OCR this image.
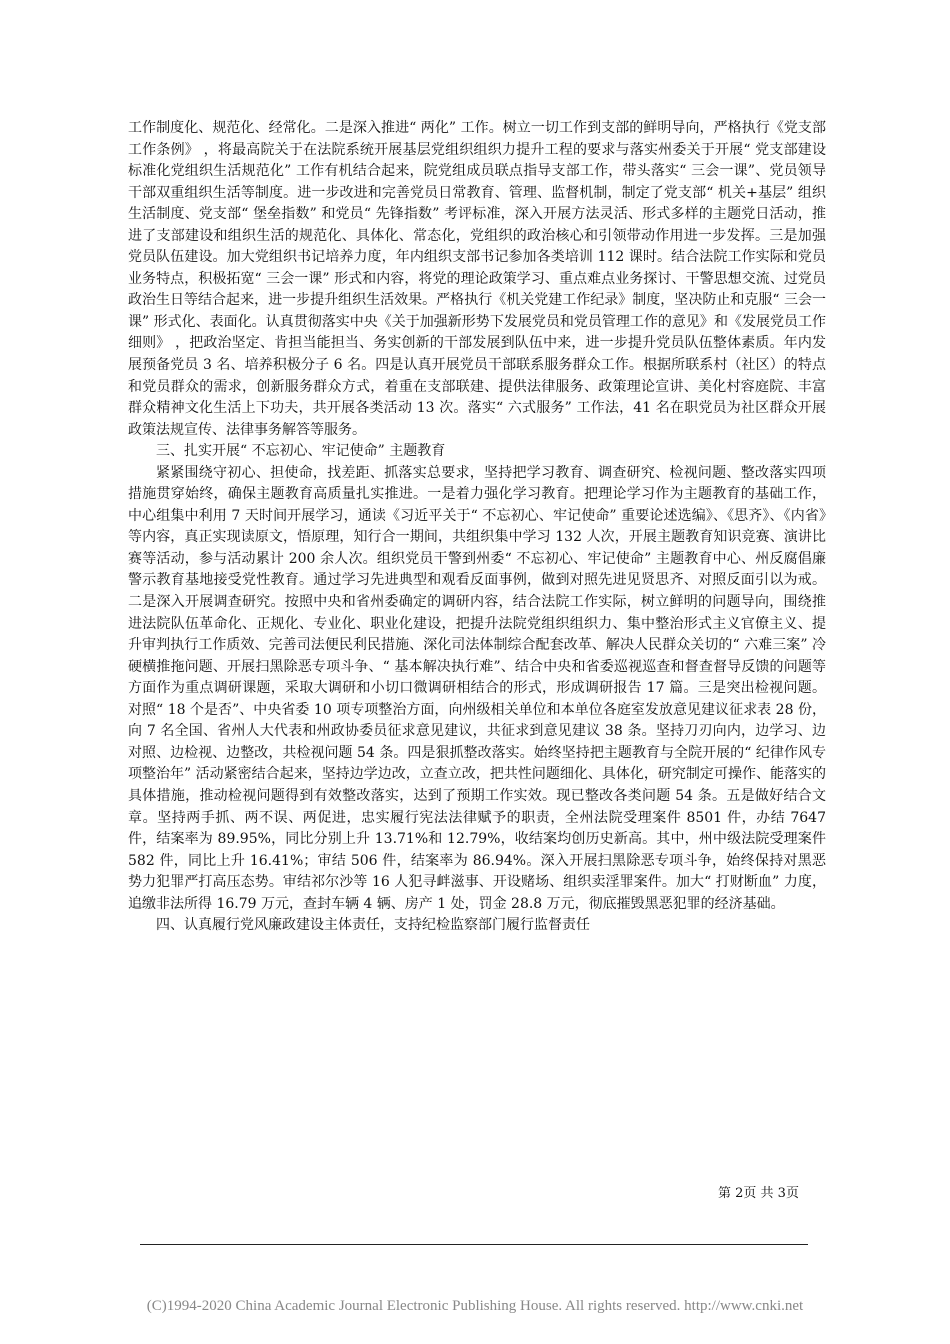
工作制度化、规范化、经常化。二是深入推进“ 两化” 工作。树立一切工作到支部的鲜明导向，严格执行《党支部工作条例》 ，将最高院关于在法院系统开展基层党组织组织力提升工程的要求与落实州委关于开展“ 党支部建设标准化党组织生活规范化” 工作有机结合起来，院党组成员联点指导支部工作，带头落实“ 三会一课”、党员领导干部双重组织生活等制度。进一步改进和完善党员日常教育、管理、监督机制，制定了党支部“ 机关+基层” 组织生活制度、党支部“ 堡垒指数” 和党员“ 先锋指数” 考评标准，深入开展方法灵活、形式多样的主题党日活动，推进了支部建设和组织生活的规范化、具体化、常态化，党组织的政治核心和引领带动作用进一步发挥。三是加强党员队伍建设。加大党组织书记培养力度，年内组织支部书记参加各类培训 112 课时。结合法院工作实际和党员业务特点，积极拓宽“ 三会一课” 形式和内容，将党的理论政策学习、重点难点业务探讨、干警思想交流、过党员政治生日等结合起来，进一步提升组织生活效果。严格执行《机关党建工作纪录》制度，坚决防止和克服“ 三会一课” 形式化、表面化。认真贯彻落实中央《关于加强新形势下发展党员和党员管理工作的意见》和《发展党员工作细则》 ，把政治坚定、肯担当能担当、务实创新的干部发展到队伍中来，进一步提升党员队伍整体素质。年内发展预备党员 3 名、培养积极分子 6 名。四是认真开展党员干部联系服务群众工作。根据所联系村（社区）的特点和党员群众的需求，创新服务群众方式，着重在支部联建、提供法律服务、政策理论宣讲、美化村容庭院、丰富群众精神文化生活上下功夫，共开展各类活动 13 次。落实“ 六式服务” 工作法，41 名在职党员为社区群众开展政策法规宣传、法律事务解答等服务。

三、扎实开展“ 不忘初心、牢记使命” 主题教育

紧紧围绕守初心、担使命，找差距、抓落实总要求，坚持把学习教育、调查研究、检视问题、整改落实四项措施贯穿始终，确保主题教育高质量扎实推进。一是着力强化学习教育。把理论学习作为主题教育的基础工作，中心组集中利用 7 天时间开展学习，通读《习近平关于“ 不忘初心、牢记使命” 重要论述选编》、《思齐》、《内省》等内容，真正实现读原文，悟原理，知行合一期间，共组织集中学习 132 人次，开展主题教育知识竞赛、演讲比赛等活动，参与活动累计 200 余人次。组织党员干警到州委“ 不忘初心、牢记使命” 主题教育中心、州反腐倡廉警示教育基地接受党性教育。通过学习先进典型和观看反面事例，做到对照先进见贤思齐、对照反面引以为戒。二是深入开展调查研究。按照中央和省州委确定的调研内容，结合法院工作实际，树立鲜明的问题导向，围绕推进法院队伍革命化、正规化、专业化、职业化建设，把提升法院党组织组织力、集中整治形式主义官僚主义、提升审判执行工作质效、完善司法便民利民措施、深化司法体制综合配套改革、解决人民群众关切的“ 六难三案” 冷硬横推拖问题、开展扫黑除恶专项斗争、“ 基本解决执行难”、结合中央和省委巡视巡查和督查督导反馈的问题等方面作为重点调研课题，采取大调研和小切口微调研相结合的形式，形成调研报告 17 篇。三是突出检视问题。对照“ 18 个是否”、中央省委 10 项专项整治方面，向州级相关单位和本单位各庭室发放意见建议征求表 28 份，向 7 名全国、省州人大代表和州政协委员征求意见建议，共征求到意见建议 38 条。坚持刀刃向内，边学习、边对照、边检视、边整改，共检视问题 54 条。四是狠抓整改落实。始终坚持把主题教育与全院开展的“ 纪律作风专项整治年” 活动紧密结合起来，坚持边学边改，立查立改，把共性问题细化、具体化，研究制定可操作、能落实的具体措施，推动检视问题得到有效整改落实，达到了预期工作实效。现已整改各类问题 54 条。五是做好结合文章。坚持两手抓、两不误、两促进，忠实履行宪法法律赋予的职责，全州法院受理案件 8501 件，办结 7647 件，结案率为 89.95%，同比分别上升 13.71%和 12.79%，收结案均创历史新高。其中，州中级法院受理案件 582 件，同比上升 16.41%；审结 506 件，结案率为 86.94%。深入开展扫黑除恶专项斗争，始终保持对黑恶势力犯罪严打高压态势。审结祁尔沙等 16 人犯寻衅滋事、开设赌场、组织卖淫罪案件。加大“ 打财断血” 力度，追缴非法所得 16.79 万元，查封车辆 4 辆、房产 1 处，罚金 28.8 万元，彻底摧毁黑恶犯罪的经济基础。

四、认真履行党风廉政建设主体责任，支持纪检监察部门履行监督责任

第 2页 共 3页
(C)1994-2020 China Academic Journal Electronic Publishing House. All rights reserved. http://www.cnki.net
